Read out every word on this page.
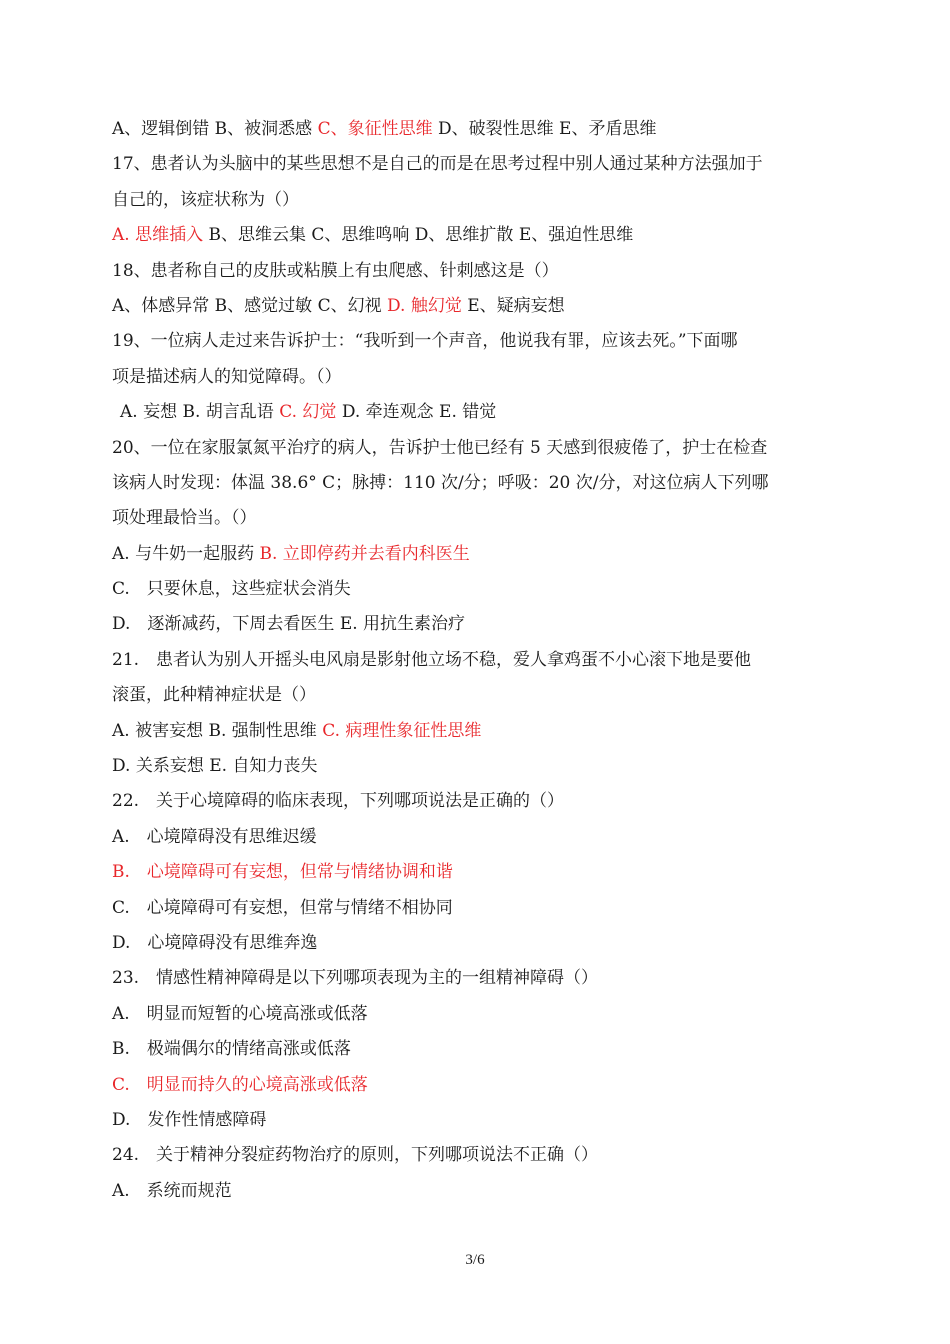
A、逻辑倒错 B、被洞悉感 C、象征性思维 D、破裂性思维 E、矛盾思维
17、患者认为头脑中的某些思想不是自己的而是在思考过程中别人通过某种方法强加于
自己的，该症状称为（）
A. 思维插入 B、思维云集 C、思维鸣响 D、思维扩散 E、强迫性思维
18、患者称自己的皮肤或粘膜上有虫爬感、针刺感这是（）
A、体感异常 B、感觉过敏 C、幻视 D. 触幻觉 E、疑病妄想
19、一位病人走过来告诉护士：“我听到一个声音，他说我有罪，应该去死。”下面哪
项是描述病人的知觉障碍。（）
A. 妄想 B. 胡言乱语 C. 幻觉 D. 牵连观念 E. 错觉
20、一位在家服氯氮平治疗的病人，告诉护士他已经有 5 天感到很疲倦了，护士在检查
该病人时发现：体温 38.6° C；脉搏：110 次/分；呼吸：20 次/分，对这位病人下列哪
项处理最恰当。（）
A. 与牛奶一起服药 B. 立即停药并去看内科医生
C.　只要休息，这些症状会消失
D.　逐渐减药，下周去看医生 E. 用抗生素治疗
21.　患者认为别人开摇头电风扇是影射他立场不稳，爱人拿鸡蛋不小心滚下地是要他
滚蛋，此种精神症状是（）
A. 被害妄想 B. 强制性思维 C. 病理性象征性思维
D. 关系妄想 E. 自知力丧失
22.　关于心境障碍的临床表现，下列哪项说法是正确的（）
A.　心境障碍没有思维迟缓
B.　心境障碍可有妄想，但常与情绪协调和谐
C.　心境障碍可有妄想，但常与情绪不相协同
D.　心境障碍没有思维奔逸
23.　情感性精神障碍是以下列哪项表现为主的一组精神障碍（）
A.　明显而短暂的心境高涨或低落
B.　极端偶尔的情绪高涨或低落
C.　明显而持久的心境高涨或低落
D.　发作性情感障碍
24.　关于精神分裂症药物治疗的原则，下列哪项说法不正确（）
A.　系统而规范
3/6
